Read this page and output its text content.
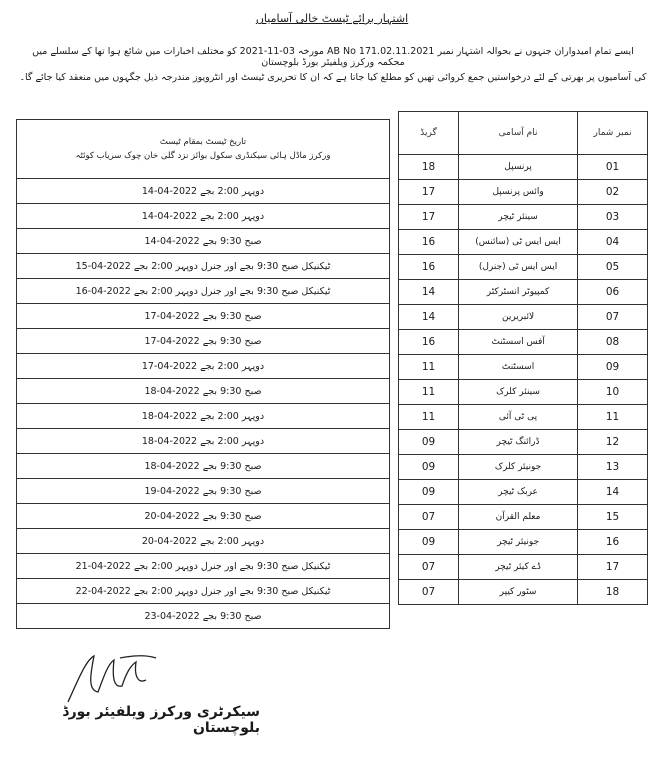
اشتہار برائے ٹیسٹ خالی آسامیاں
ایسے تمام امیدواران جنہوں نے بحوالہ اشتہار نمبر AB No 171.02.11.2021 مورخہ 03-11-2021 کو مختلف اخبارات میں شائع ہوا تھا کے سلسلے میں محکمہ ورکرز ویلفیئر بورڈ بلوچستان
کی آسامیوں پر بھرتی کے لئے درخواستیں جمع کروائی تھیں کو مطلع کیا جاتا ہے کہ ان کا تحریری ٹیسٹ اور انٹرویوز مندرجہ ذیل جگہوں میں منعقد کیا جائے گا۔
تاریخ ٹیسٹ بمقام ٹیسٹ
ورکرز ماڈل ہائی سیکنڈری سکول بوائز نزد گلی خان چوک سریاب کوئٹہ

14-04-2022 دوپہر 2:00 بجے
14-04-2022 دوپہر 2:00 بجے
14-04-2022 صبح 9:30 بجے
15-04-2022 ٹیکنیکل صبح 9:30 بجے اور جنرل دوپہر 2:00 بجے
16-04-2022 ٹیکنیکل صبح 9:30 بجے اور جنرل دوپہر 2:00 بجے
17-04-2022 صبح 9:30 بجے
17-04-2022 صبح 9:30 بجے
17-04-2022 دوپہر 2:00 بجے
18-04-2022 صبح 9:30 بجے
18-04-2022 دوپہر 2:00 بجے
18-04-2022 دوپہر 2:00 بجے
18-04-2022 صبح 9:30 بجے
19-04-2022 صبح 9:30 بجے
20-04-2022 صبح 9:30 بجے
20-04-2022 دوپہر 2:00 بجے
21-04-2022 ٹیکنیکل صبح 9:30 بجے اور جنرل دوپہر 2:00 بجے
22-04-2022 ٹیکنیکل صبح 9:30 بجے اور جنرل دوپہر 2:00 بجے
23-04-2022 صبح 9:30 بجے
گریڈ	نام آسامی	نمبر شمار
18	پرنسپل	01
17	وائس پرنسپل	02
17	سینئر ٹیچر	03
16	ایس ایس ٹی (سائنس)	04
16	ایس ایس ٹی (جنرل)	05
14	کمپیوٹر انسٹرکٹر	06
14	لائبریرین	07
16	آفس اسسٹنٹ	08
11	اسسٹنٹ	09
11	سینئر کلرک	10
11	پی ٹی آئی	11
09	ڈرائنگ ٹیچر	12
09	جونیئر کلرک	13
09	عربک ٹیچر	14
07	معلم القرآن	15
09	جونیئر ٹیچر	16
07	ڈے کیئر ٹیچر	17
07	سٹور کیپر	18
سیکرٹری ورکرز ویلفیئر بورڈ بلوچستان
